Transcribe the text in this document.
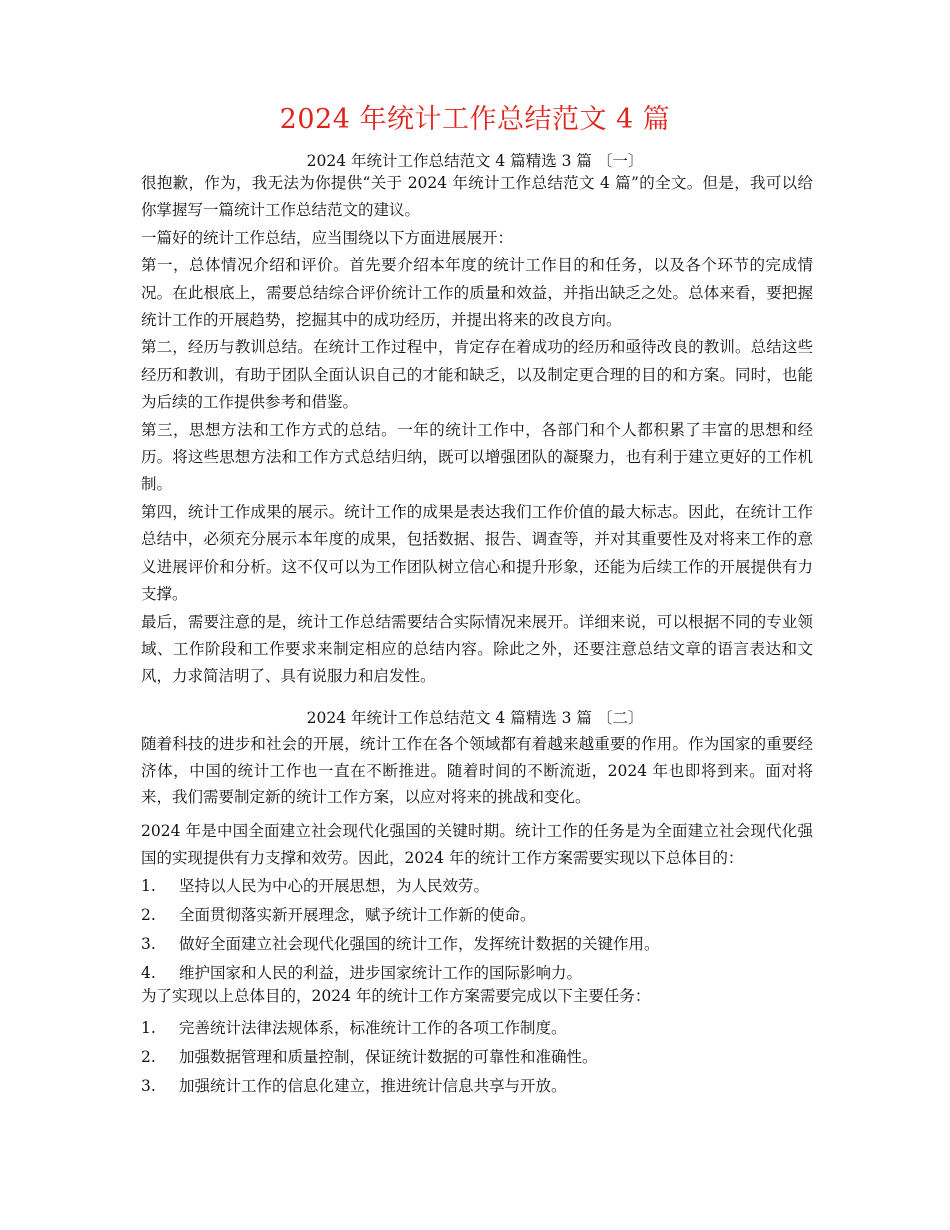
2024 年统计工作总结范文 4 篇
2024 年统计工作总结范文 4 篇精选 3 篇 〔一〕

很抱歉，作为，我无法为你提供“关于 2024 年统计工作总结范文 4 篇”的全文。但是，我可以给你掌握写一篇统计工作总结范文的建议。

一篇好的统计工作总结，应当围绕以下方面进展展开：

第一，总体情况介绍和评价。首先要介绍本年度的统计工作目的和任务，以及各个环节的完成情况。在此根底上，需要总结综合评价统计工作的质量和效益，并指出缺乏之处。总体来看，要把握统计工作的开展趋势，挖掘其中的成功经历，并提出将来的改良方向。

第二，经历与教训总结。在统计工作过程中，肯定存在着成功的经历和亟待改良的教训。总结这些经历和教训，有助于团队全面认识自己的才能和缺乏，以及制定更合理的目的和方案。同时，也能为后续的工作提供参考和借鉴。

第三，思想方法和工作方式的总结。一年的统计工作中，各部门和个人都积累了丰富的思想和经历。将这些思想方法和工作方式总结归纳，既可以增强团队的凝聚力，也有利于建立更好的工作机制。

第四，统计工作成果的展示。统计工作的成果是表达我们工作价值的最大标志。因此，在统计工作总结中，必须充分展示本年度的成果，包括数据、报告、调查等，并对其重要性及对将来工作的意义进展评价和分析。这不仅可以为工作团队树立信心和提升形象，还能为后续工作的开展提供有力支撑。

最后，需要注意的是，统计工作总结需要结合实际情况来展开。详细来说，可以根据不同的专业领域、工作阶段和工作要求来制定相应的总结内容。除此之外，还要注意总结文章的语言表达和文风，力求简洁明了、具有说服力和启发性。

2024 年统计工作总结范文 4 篇精选 3 篇 〔二〕

随着科技的进步和社会的开展，统计工作在各个领域都有着越来越重要的作用。作为国家的重要经济体，中国的统计工作也一直在不断推进。随着时间的不断流逝，2024 年也即将到来。面对将来，我们需要制定新的统计工作方案，以应对将来的挑战和变化。

2024 年是中国全面建立社会现代化强国的关键时期。统计工作的任务是为全面建立社会现代化强国的实现提供有力支撑和效劳。因此，2024 年的统计工作方案需要实现以下总体目的：

1.	坚持以人民为中心的开展思想，为人民效劳。
2.	全面贯彻落实新开展理念，赋予统计工作新的使命。
3.	做好全面建立社会现代化强国的统计工作，发挥统计数据的关键作用。
4.	维护国家和人民的利益，进步国家统计工作的国际影响力。
为了实现以上总体目的，2024 年的统计工作方案需要完成以下主要任务：
1.	完善统计法律法规体系，标准统计工作的各项工作制度。
2.	加强数据管理和质量控制，保证统计数据的可靠性和准确性。
3.	加强统计工作的信息化建立，推进统计信息共享与开放。
